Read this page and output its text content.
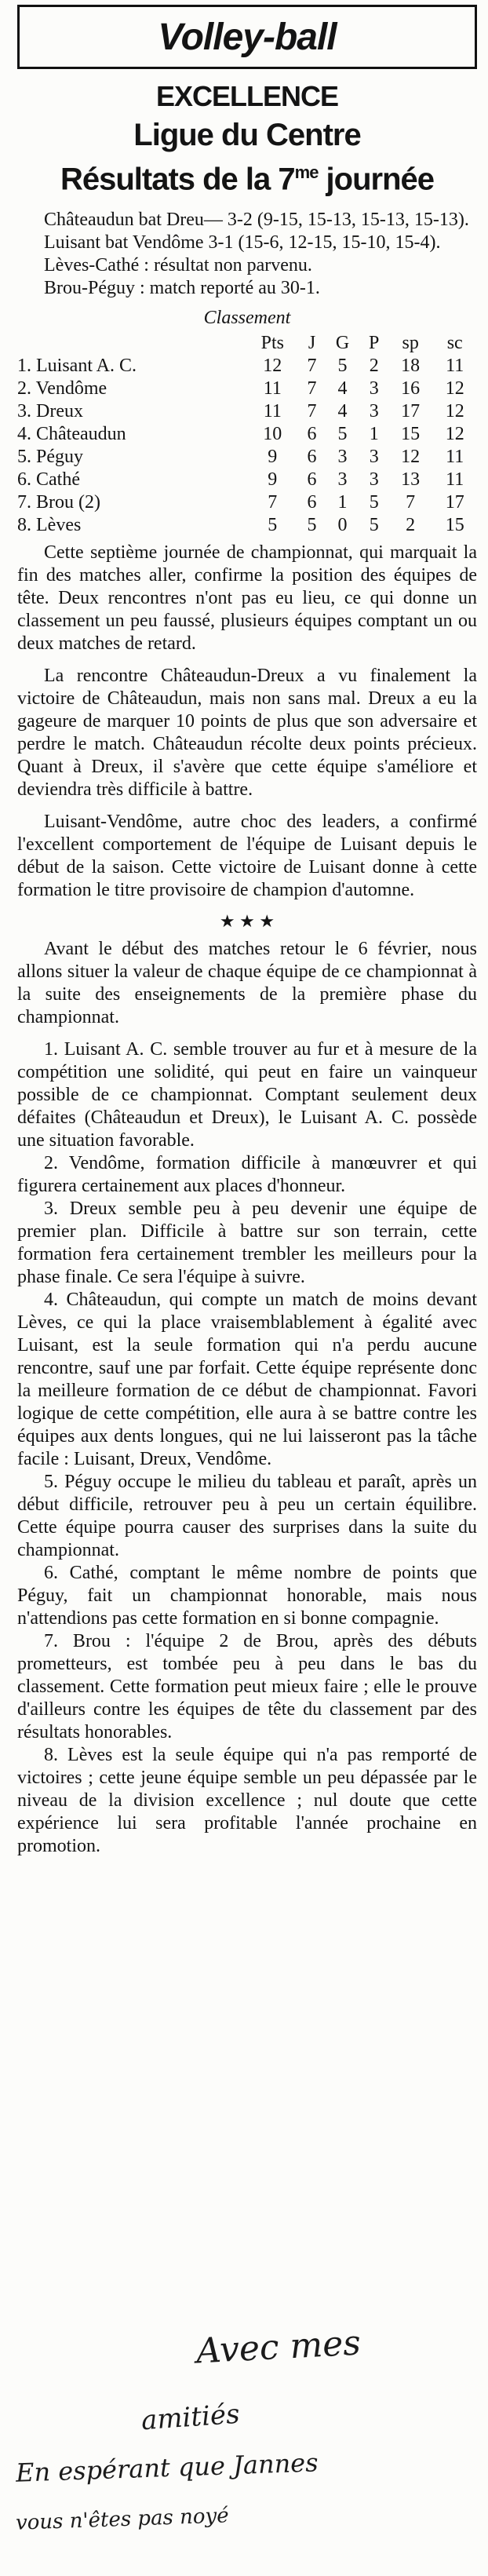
Volley-ball
EXCELLENCE
Ligue du Centre
Résultats de la $7^{me}$ journée

Châteaudun bat Dreu— 3-2 (9-15, 15-13, 15-13, 15-13).

Luisant bat Vendôme 3-1 (15-6, 12-15, 15-10, 15-4).

Lèves-Cathé : résultat non parvenu.

Brou-Péguy : match reporté au 30-1.

Classement
	Pts	J	G	P	sp	sc
1. Luisant A. C.	12	7	5	2	18	11
2. Vendôme	11	7	4	3	16	12
3. Dreux	11	7	4	3	17	12
4. Châteaudun	10	6	5	1	15	12
5. Péguy	9	6	3	3	12	11
6. Cathé	9	6	3	3	13	11
7. Brou (2)	7	6	1	5	7	17
8. Lèves	5	5	0	5	2	15

Cette septième journée de championnat, qui marquait la fin des matches aller, confirme la position des équipes de tête. Deux rencontres n'ont pas eu lieu, ce qui donne un classement un peu faussé, plusieurs équipes comptant un ou deux matches de retard.

La rencontre Châteaudun-Dreux a vu finalement la victoire de Châteaudun, mais non sans mal. Dreux a eu la gageure de marquer 10 points de plus que son adversaire et perdre le match. Châteaudun récolte deux points précieux. Quant à Dreux, il s'avère que cette équipe s'améliore et deviendra très difficile à battre.

Luisant-Vendôme, autre choc des leaders, a confirmé l'excellent comportement de l'équipe de Luisant depuis le début de la saison. Cette victoire de Luisant donne à cette formation le titre provisoire de champion d'automne.

★ ★ ★

Avant le début des matches retour le 6 février, nous allons situer la valeur de chaque équipe de ce championnat à la suite des enseignements de la première phase du championnat.

1. Luisant A. C. semble trouver au fur et à mesure de la compétition une solidité, qui peut en faire un vainqueur possible de ce championnat. Comptant seulement deux défaites (Châteaudun et Dreux), le Luisant A. C. possède une situation favorable.

2. Vendôme, formation difficile à manœuvrer et qui figurera certainement aux places d'honneur.

3. Dreux semble peu à peu devenir une équipe de premier plan. Difficile à battre sur son terrain, cette formation fera certainement trembler les meilleurs pour la phase finale. Ce sera l'équipe à suivre.

4. Châteaudun, qui compte un match de moins devant Lèves, ce qui la place vraisemblablement à égalité avec Luisant, est la seule formation qui n'a perdu aucune rencontre, sauf une par forfait. Cette équipe représente donc la meilleure formation de ce début de championnat. Favori logique de cette compétition, elle aura à se battre contre les équipes aux dents longues, qui ne lui laisseront pas la tâche facile : Luisant, Dreux, Vendôme.

5. Péguy occupe le milieu du tableau et paraît, après un début difficile, retrouver peu à peu un certain équilibre. Cette équipe pourra causer des surprises dans la suite du championnat.

6. Cathé, comptant le même nombre de points que Péguy, fait un championnat honorable, mais nous n'attendions pas cette formation en si bonne compagnie.

7. Brou : l'équipe 2 de Brou, après des débuts prometteurs, est tombée peu à peu dans le bas du classement. Cette formation peut mieux faire ; elle le prouve d'ailleurs contre les équipes de tête du classement par des résultats honorables.

8. Lèves est la seule équipe qui n'a pas remporté de victoires ; cette jeune équipe semble un peu dépassée par le niveau de la division excellence ; nul doute que cette expérience lui sera profitable l'année prochaine en promotion.

Avec mes
amitiés
En espérant que Jannes
vous n'êtes pas noyé
